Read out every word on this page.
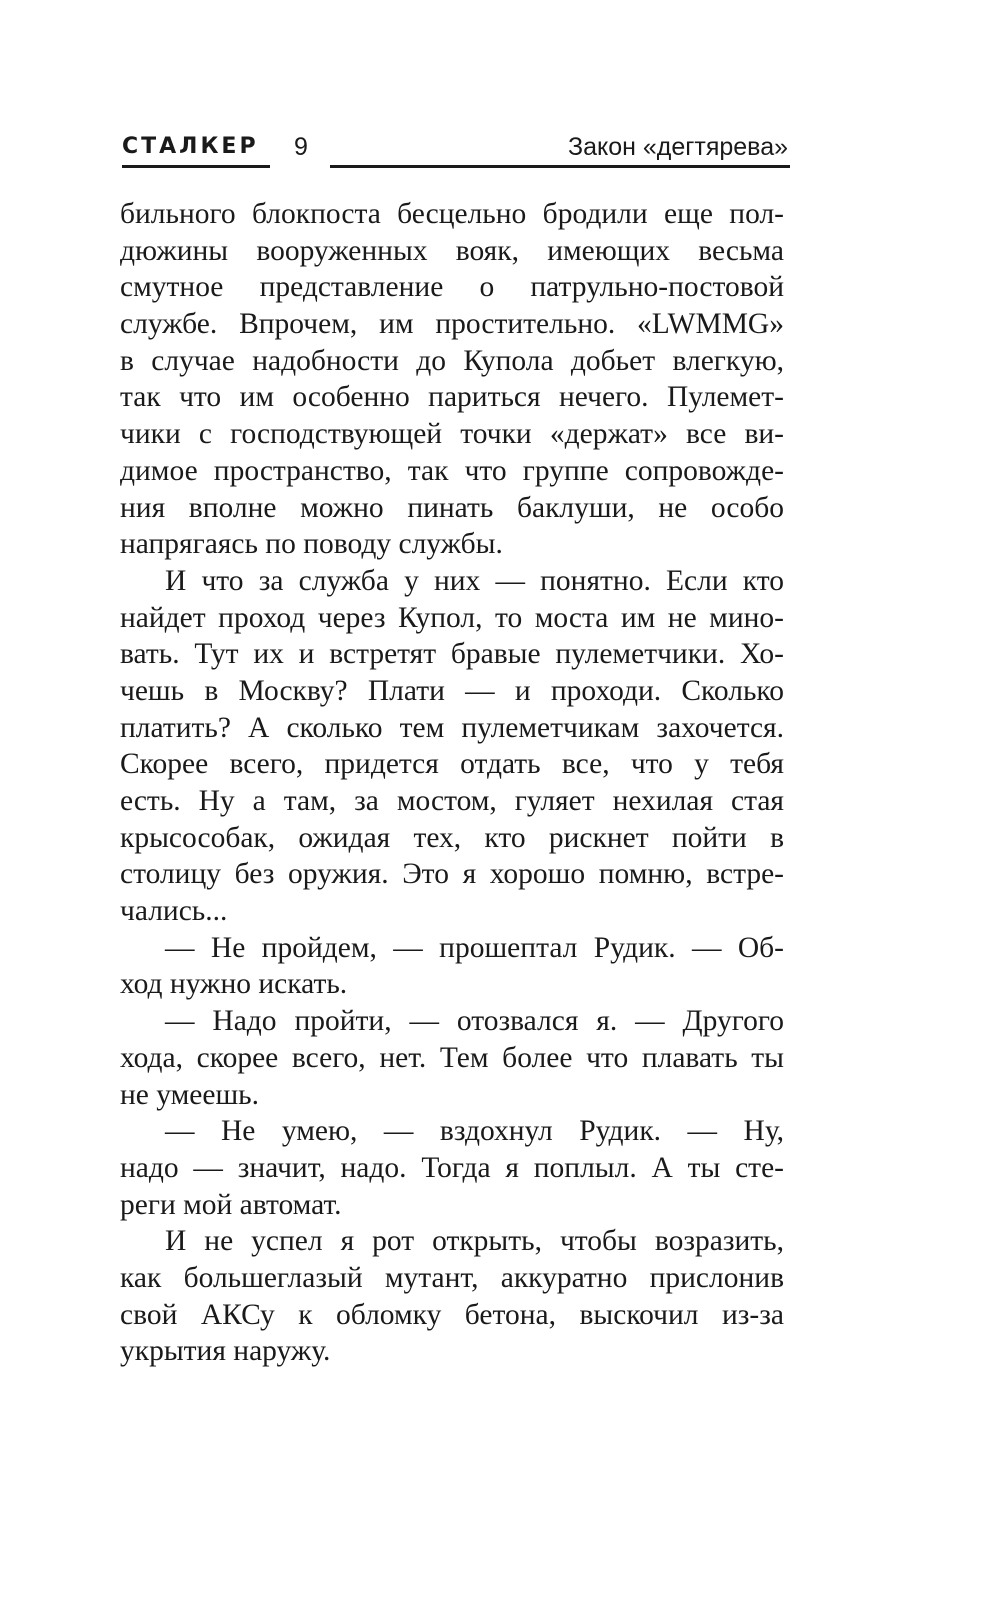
СТАЛКЕР 9	Закон «дегтярева»
бильного блокпоста бесцельно бродили еще пол-
дюжины вооруженных вояк, имеющих весьма
смутное представление о патрульно-постовой
службе. Впрочем, им простительно. «LWMMG»
в случае надобности до Купола добьет влегкую,
так что им особенно париться нечего. Пулемет-
чики с господствующей точки «держат» все ви-
димое пространство, так что группе сопровожде-
ния вполне можно пинать баклуши, не особо
напрягаясь по поводу службы.
И что за служба у них — понятно. Если кто
найдет проход через Купол, то моста им не мино-
вать. Тут их и встретят бравые пулеметчики. Хо-
чешь в Москву? Плати — и проходи. Сколько
платить? А сколько тем пулеметчикам захочется.
Скорее всего, придется отдать все, что у тебя
есть. Ну а там, за мостом, гуляет нехилая стая
крысособак, ожидая тех, кто рискнет пойти в
столицу без оружия. Это я хорошо помню, встре-
чались...
— Не пройдем, — прошептал Рудик. — Об-
ход нужно искать.
— Надо пройти, — отозвался я. — Другого
хода, скорее всего, нет. Тем более что плавать ты
не умеешь.
— Не умею, — вздохнул Рудик. — Ну,
надо — значит, надо. Тогда я поплыл. А ты сте-
реги мой автомат.
И не успел я рот открыть, чтобы возразить,
как большеглазый мутант, аккуратно прислонив
свой АКСу к обломку бетона, выскочил из-за
укрытия наружу.
